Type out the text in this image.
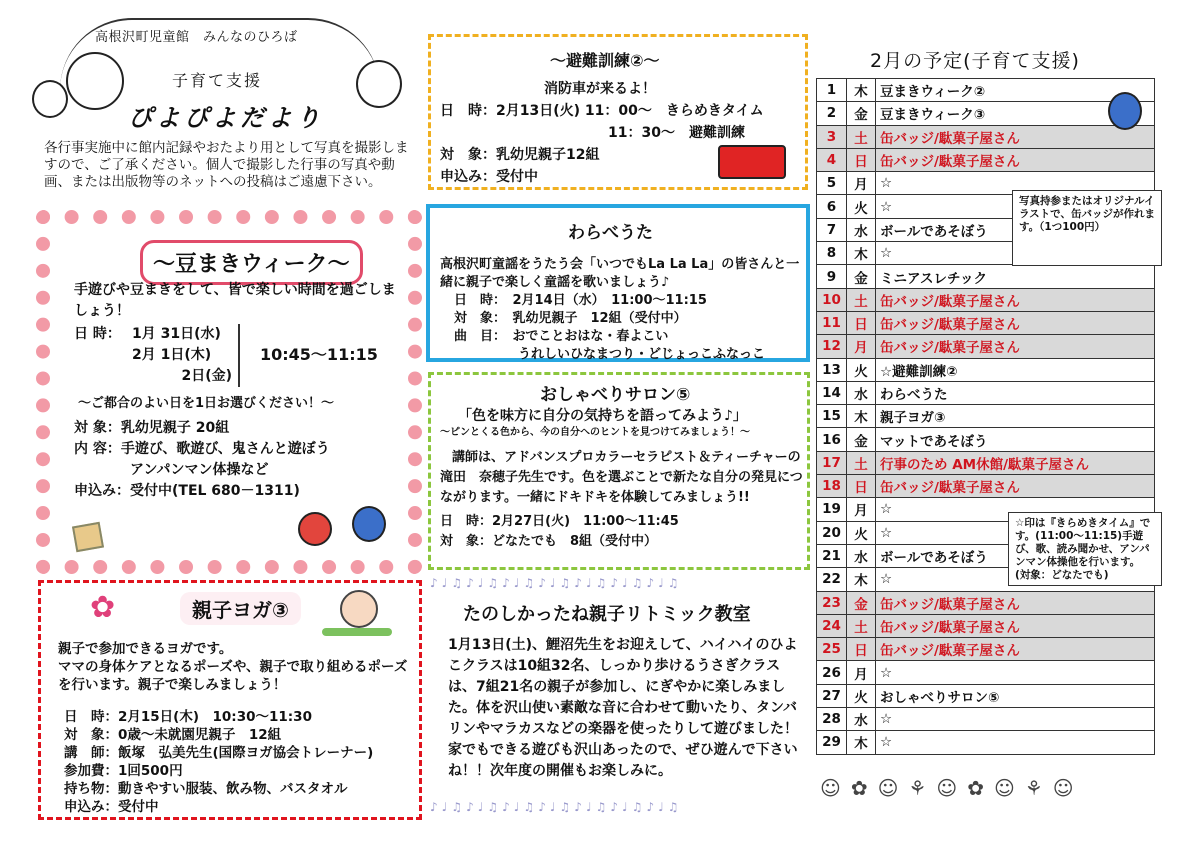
高根沢町児童館　みんなのひろば
子育て支援
ぴよぴよだより
各行事実施中に館内記録やおたより用として写真を撮影しますので、ご了承ください。個人で撮影した行事の写真や動画、または出版物等のネットへの投稿はご遠慮下さい。
～豆まきウィーク～
手遊びや豆まきをして、皆で楽しい時間を過ごしましょう！
日 時： 1月 31日(水)
2月 1日(木)
2日(金)
10:45～11:15
～ご都合のよい日を1日お選びください！～
対 象：乳幼児親子 20組
内 容：手遊び、歌遊び、鬼さんと遊ぼう
アンパンマン体操など
申込み：受付中(TEL 680－1311)
✿	親子ヨガ③
親子で参加できるヨガです。
ママの身体ケアとなるポーズや、親子で取り組めるポーズを行います。親子で楽しみましょう！
日　時：2月15日(木)　10:30～11:30
対　象：0歳～未就園児親子　12組
講　師：飯塚　弘美先生(国際ヨガ協会トレーナー)
参加費：1回500円
持ち物：動きやすい服装、飲み物、バスタオル
申込み：受付中
～避難訓練②～
消防車が来るよ！
日　時：2月13日(火) 11：00～　きらめきタイム
11：30～　避難訓練
対　象：乳幼児親子12組
申込み：受付中
わらべうた
高根沢町童謡をうたう会「いつでもLa La La」の皆さんと一緒に親子で楽しく童謡を歌いましょう♪
日　時：　2月14日（水）　11:00～11:15
対　象：　乳幼児親子　12組（受付中）
曲　目：　おでことおはな・春よこい
うれしいひなまつり・どじょっこふなっこ
おしゃべりサロン⑤
「色を味方に自分の気持ちを語ってみよう♪」
～ピンとくる色から、今の自分へのヒントを見つけてみましょう！～
講師は、アドバンスプロカラーセラピスト＆ティーチャーの滝田　奈穂子先生です。色を選ぶことで新たな自分の発見につながります。一緒にドキドキを体験してみましょう!!
日　時：2月27日(火)　11:00～11:45
対　象：どなたでも　8組（受付中）
♪♩♫♪♩♫♪♩♫♪♩♫♪♩♫♪♩♫♪♩♫
たのしかったね親子リトミック教室
1月13日(土)、鯉沼先生をお迎えして、ハイハイのひよこクラスは10組32名、しっかり歩けるうさぎクラスは、7組21名の親子が参加し、にぎやかに楽しみました。体を沢山使い素敵な音に合わせて動いたり、タンバリンやマラカスなどの楽器を使ったりして遊びました！家でもできる遊びも沢山あったので、ぜひ遊んで下さいね！！次年度の開催もお楽しみに。
♪♩♫♪♩♫♪♩♫♪♩♫♪♩♫♪♩♫♪♩♫
2月の予定(子育て支援)
1	木	豆まきウィーク②
2	金	豆まきウィーク③
3	土	缶バッジ/駄菓子屋さん
4	日	缶バッジ/駄菓子屋さん
5	月	☆
6	火	☆
7	水	ボールであそぼう
8	木	☆
9	金	ミニアスレチック
10	土	缶バッジ/駄菓子屋さん
11	日	缶バッジ/駄菓子屋さん
12	月	缶バッジ/駄菓子屋さん
13	火	☆避難訓練②
14	水	わらべうた
15	木	親子ヨガ③
16	金	マットであそぼう
17	土	行事のため AM休館/駄菓子屋さん
18	日	缶バッジ/駄菓子屋さん
19	月	☆
20	火	☆
21	水	ボールであそぼう
22	木	☆
23	金	缶バッジ/駄菓子屋さん
24	土	缶バッジ/駄菓子屋さん
25	日	缶バッジ/駄菓子屋さん
26	月	☆
27	火	おしゃべりサロン⑤
28	水	☆
29	木	☆
写真持参またはオリジナルイラストで、缶バッジが作れます。（1つ100円）
☆印は『きらめきタイム』です。(11:00～11:15)手遊び、歌、読み聞かせ、アンパンマン体操他を行います。(対象：どなたでも)
☺✿☺⚘☺✿☺⚘☺
